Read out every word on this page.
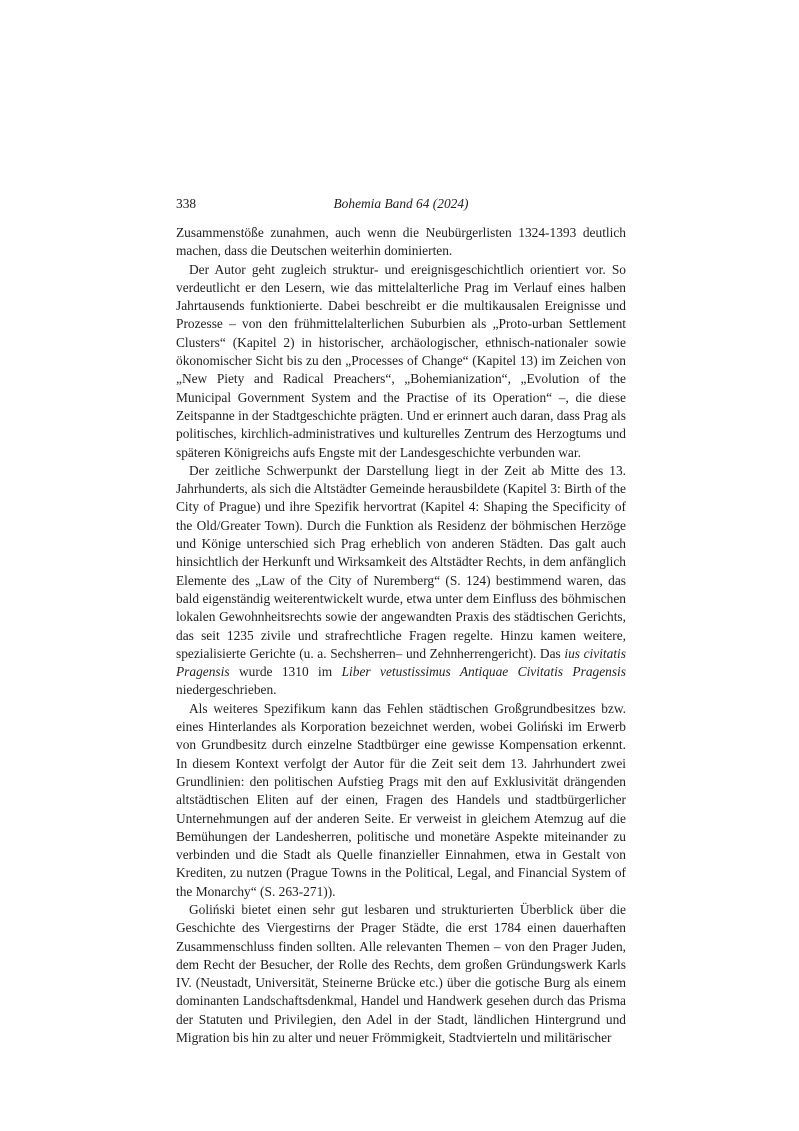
338	Bohemia Band 64 (2024)

Zusammenstöße zunahmen, auch wenn die Neubürgerlisten 1324-1393 deutlich machen, dass die Deutschen weiterhin dominierten.

Der Autor geht zugleich struktur- und ereignisgeschichtlich orientiert vor. So verdeutlicht er den Lesern, wie das mittelalterliche Prag im Verlauf eines halben Jahrtausends funktionierte. Dabei beschreibt er die multikausalen Ereignisse und Prozesse – von den frühmittelalterlichen Suburbien als „Proto-urban Settlement Clusters“ (Kapitel 2) in historischer, archäologischer, ethnisch-nationaler sowie ökonomischer Sicht bis zu den „Processes of Change“ (Kapitel 13) im Zeichen von „New Piety and Radical Preachers“, „Bohemianization“, „Evolution of the Municipal Government System and the Practise of its Operation“ –, die diese Zeitspanne in der Stadtgeschichte prägten. Und er erinnert auch daran, dass Prag als politisches, kirchlich-administratives und kulturelles Zentrum des Herzogtums und späteren Königreichs aufs Engste mit der Landesgeschichte verbunden war.

Der zeitliche Schwerpunkt der Darstellung liegt in der Zeit ab Mitte des 13. Jahrhunderts, als sich die Altstädter Gemeinde herausbildete (Kapitel 3: Birth of the City of Prague) und ihre Spezifik hervortrat (Kapitel 4: Shaping the Specificity of the Old/Greater Town). Durch die Funktion als Residenz der böhmischen Herzöge und Könige unterschied sich Prag erheblich von anderen Städten. Das galt auch hinsichtlich der Herkunft und Wirksamkeit des Altstädter Rechts, in dem anfänglich Elemente des „Law of the City of Nuremberg“ (S. 124) bestimmend waren, das bald eigenständig weiterentwickelt wurde, etwa unter dem Einfluss des böhmischen lokalen Gewohnheitsrechts sowie der angewandten Praxis des städtischen Gerichts, das seit 1235 zivile und strafrechtliche Fragen regelte. Hinzu kamen weitere, spezialisierte Gerichte (u. a. Sechsherren– und Zehnherrengericht). Das ius civitatis Pragensis wurde 1310 im Liber vetustissimus Antiquae Civitatis Pragensis niedergeschrieben.

Als weiteres Spezifikum kann das Fehlen städtischen Großgrundbesitzes bzw. eines Hinterlandes als Korporation bezeichnet werden, wobei Goliński im Erwerb von Grundbesitz durch einzelne Stadtbürger eine gewisse Kompensation erkennt. In diesem Kontext verfolgt der Autor für die Zeit seit dem 13. Jahrhundert zwei Grundlinien: den politischen Aufstieg Prags mit den auf Exklusivität drängenden altstädtischen Eliten auf der einen, Fragen des Handels und stadtbürgerlicher Unternehmungen auf der anderen Seite. Er verweist in gleichem Atemzug auf die Bemühungen der Landesherren, politische und monetäre Aspekte miteinander zu verbinden und die Stadt als Quelle finanzieller Einnahmen, etwa in Gestalt von Krediten, zu nutzen (Prague Towns in the Political, Legal, and Financial System of the Monarchy“ (S. 263-271)).

Goliński bietet einen sehr gut lesbaren und strukturierten Überblick über die Geschichte des Viergestirns der Prager Städte, die erst 1784 einen dauerhaften Zusammenschluss finden sollten. Alle relevanten Themen – von den Prager Juden, dem Recht der Besucher, der Rolle des Rechts, dem großen Gründungswerk Karls IV. (Neustadt, Universität, Steinerne Brücke etc.) über die gotische Burg als einem dominanten Landschaftsdenkmal, Handel und Handwerk gesehen durch das Prisma der Statuten und Privilegien, den Adel in der Stadt, ländlichen Hintergrund und Migration bis hin zu alter und neuer Frömmigkeit, Stadtvierteln und militärischer
